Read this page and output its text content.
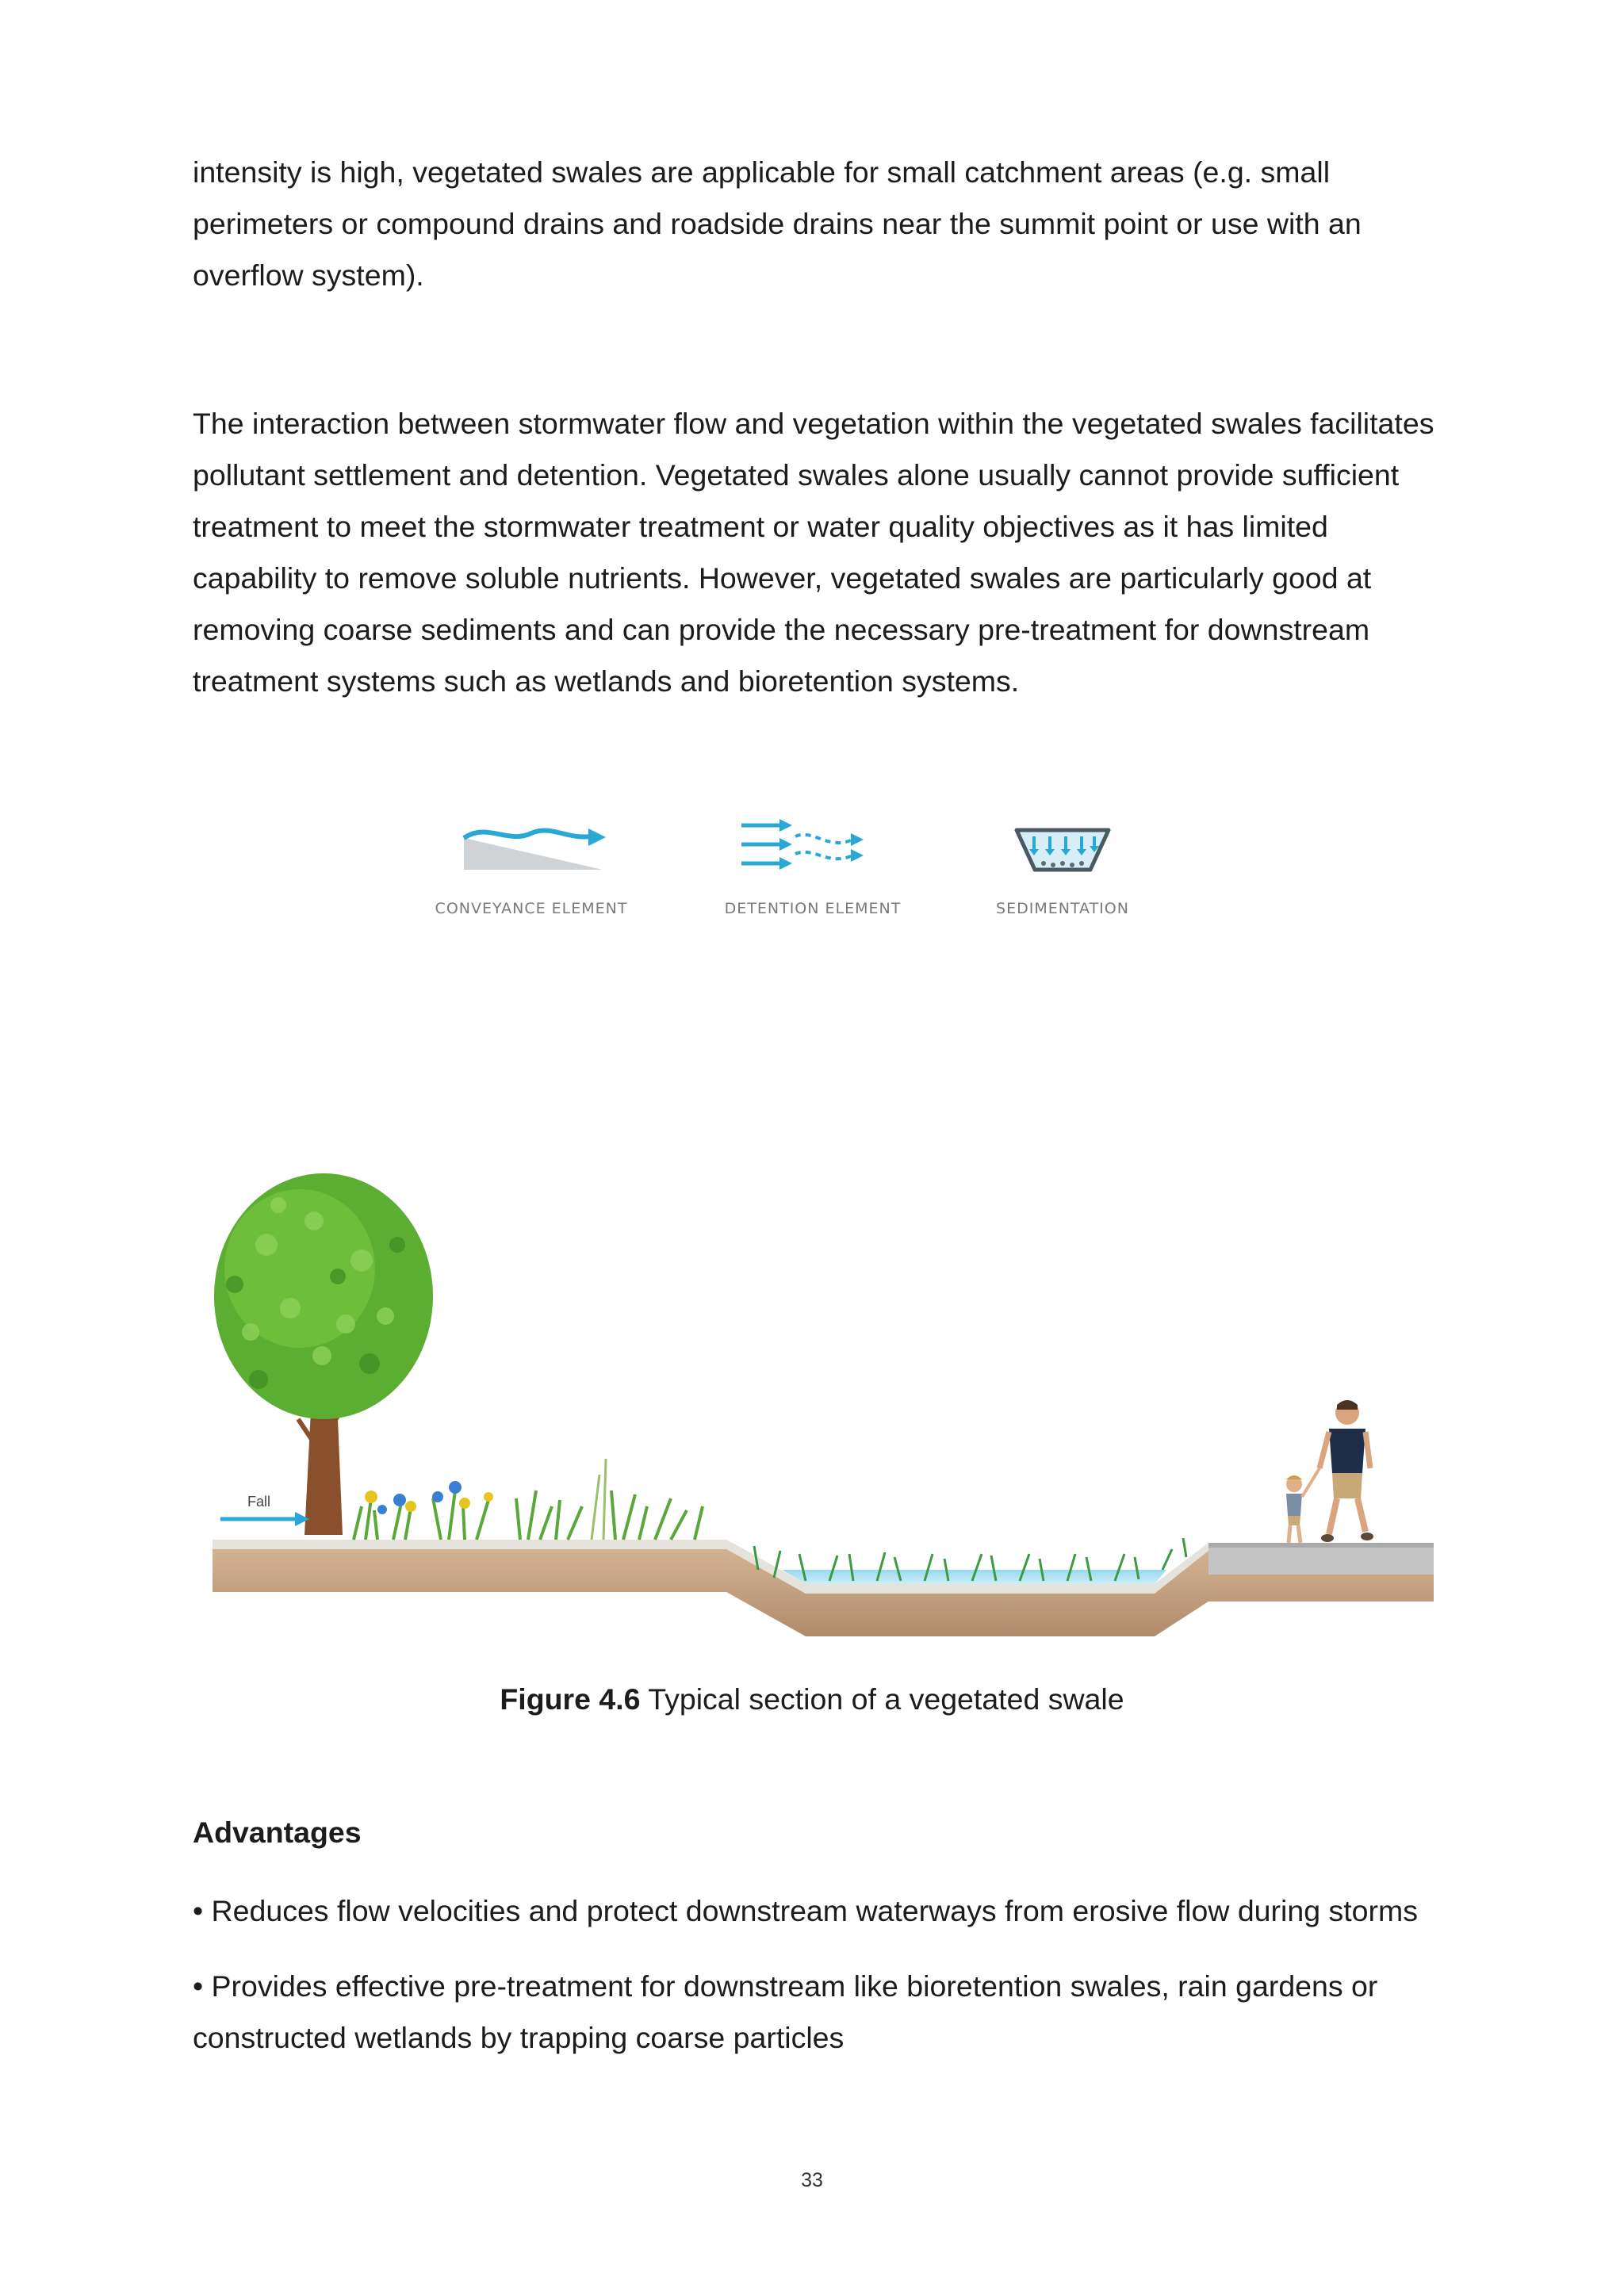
intensity is high, vegetated swales are applicable for small catchment areas (e.g. small
perimeters or compound drains and roadside drains near the summit point or use with an
overflow system).
The interaction between stormwater flow and vegetation within the vegetated swales facilitates
pollutant settlement and detention. Vegetated swales alone usually cannot provide sufficient
treatment to meet the stormwater treatment or water quality objectives as it has limited
capability to remove soluble nutrients. However, vegetated swales are particularly good at
removing coarse sediments and can provide the necessary pre-treatment for downstream
treatment systems such as wetlands and bioretention systems.
CONVEYANCE ELEMENT	DETENTION ELEMENT	SEDIMENTATION
Fall
Figure 4.6 Typical section of a vegetated swale
Advantages
• Reduces flow velocities and protect downstream waterways from erosive flow during storms
• Provides effective pre-treatment for downstream like bioretention swales, rain gardens or
constructed wetlands by trapping coarse particles
33
